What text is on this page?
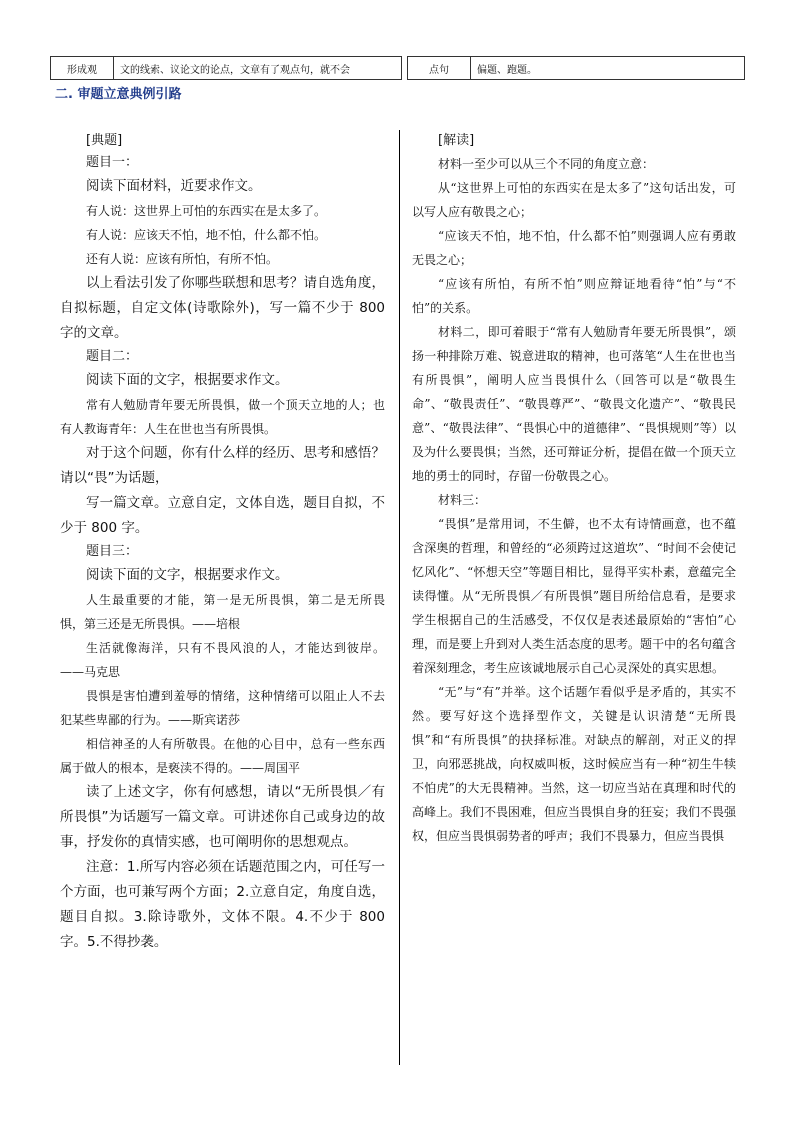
形成观	文的线索、议论文的论点，文章有了观点句，就不会		点句	偏题、跑题。
二. 审题立意典例引路

[典题]

题目一：

阅读下面材料，近要求作文。

有人说：这世界上可怕的东西实在是太多了。

有人说：应该天不怕，地不怕，什么都不怕。

还有人说：应该有所怕，有所不怕。

以上看法引发了你哪些联想和思考？请自选角度，自拟标题，自定文体(诗歌除外)，写一篇不少于 800 字的文章。

题目二：

阅读下面的文字，根据要求作文。

常有人勉励青年要无所畏惧，做一个顶天立地的人；也有人教诲青年：人生在世也当有所畏惧。

对于这个问题，你有什么样的经历、思考和感悟？请以“畏”为话题，

写一篇文章。立意自定，文体自选，题目自拟，不少于 800 字。

题目三：

阅读下面的文字，根据要求作文。

人生最重要的才能，第一是无所畏惧，第二是无所畏惧，第三还是无所畏惧。——培根

生活就像海洋，只有不畏风浪的人，才能达到彼岸。——马克思

畏惧是害怕遭到羞辱的情绪，这种情绪可以阻止人不去犯某些卑鄙的行为。——斯宾诺莎

相信神圣的人有所敬畏。在他的心目中，总有一些东西属于做人的根本，是亵渎不得的。——周国平

读了上述文字，你有何感想，请以“无所畏惧／有所畏惧”为话题写一篇文章。可讲述你自己或身边的故事，抒发你的真情实感，也可阐明你的思想观点。

注意：1.所写内容必须在话题范围之内，可任写一个方面，也可兼写两个方面；2.立意自定，角度自选，题目自拟。3.除诗歌外，文体不限。4.不少于 800 字。5.不得抄袭。

[解读]

材料一至少可以从三个不同的角度立意：

从“这世界上可怕的东西实在是太多了”这句话出发，可以写人应有敬畏之心；

“应该天不怕，地不怕，什么都不怕”则强调人应有勇敢无畏之心；

“应该有所怕，有所不怕”则应辩证地看待“怕”与“不怕”的关系。

材料二，即可着眼于“常有人勉励青年要无所畏惧”，颂扬一种排除万难、锐意进取的精神，也可落笔“人生在世也当有所畏惧”，阐明人应当畏惧什么（回答可以是“敬畏生命”、“敬畏责任”、“敬畏尊严”、“敬畏文化遗产”、“敬畏民意”、“敬畏法律”、“畏惧心中的道德律”、“畏惧规则”等）以及为什么要畏惧；当然，还可辩证分析，提倡在做一个顶天立地的勇士的同时，存留一份敬畏之心。

材料三：

“畏惧”是常用词，不生僻，也不太有诗情画意，也不蕴含深奥的哲理，和曾经的“必须跨过这道坎”、“时间不会使记忆风化”、“怀想天空”等题目相比，显得平实朴素，意蕴完全读得懂。从“无所畏惧／有所畏惧”题目所给信息看，是要求学生根据自己的生活感受，不仅仅是表述最原始的“害怕”心理，而是要上升到对人类生活态度的思考。题干中的名句蕴含着深刻理念，考生应该诚地展示自己心灵深处的真实思想。

“无”与“有”并举。这个话题乍看似乎是矛盾的，其实不然。要写好这个选择型作文，关键是认识清楚“无所畏惧”和“有所畏惧”的抉择标准。对缺点的解剖，对正义的捍卫，向邪恶挑战，向权威叫板，这时候应当有一种“初生牛犊不怕虎”的大无畏精神。当然，这一切应当站在真理和时代的高峰上。我们不畏困难，但应当畏惧自身的狂妄；我们不畏强权，但应当畏惧弱势者的呼声；我们不畏暴力，但应当畏惧
